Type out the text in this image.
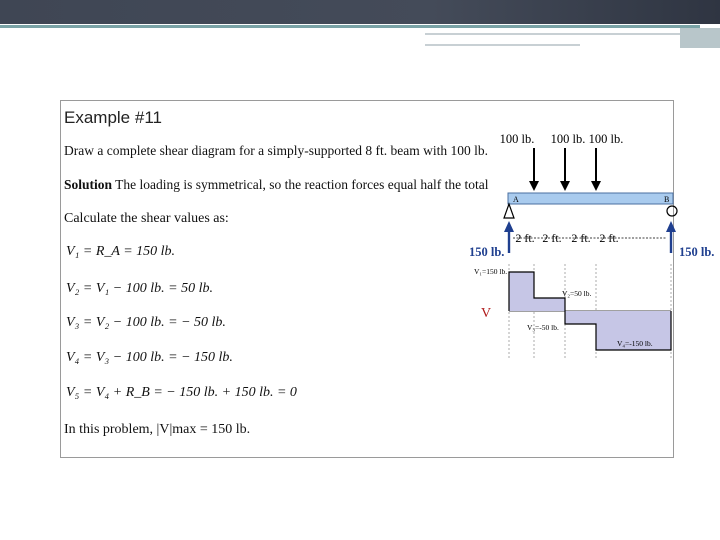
Example #11
Draw a complete shear diagram for a simply-supported 8 ft. beam with 100 lb.
Solution The loading is symmetrical, so the reaction forces equal half the total
Calculate the shear values as:
V₁ = R_A = 150 lb.
V₂ = V₁ − 100 lb. = 50 lb.
V₃ = V₂ − 100 lb. = − 50 lb.
V₄ = V₃ − 100 lb. = − 150 lb.
V₅ = V₄ + R_B = − 150 lb. + 150 lb. = 0
In this problem, |V|max = 150 lb.
100 lb. 100 lb. 100 lb.
A	B
150 lb.	150 lb.
2 ft. 2 ft. 2 ft. 2 ft.
V
V₁=150 lb.
V₂=50 lb.
V₃=-50 lb.
V₄=-150 lb.
